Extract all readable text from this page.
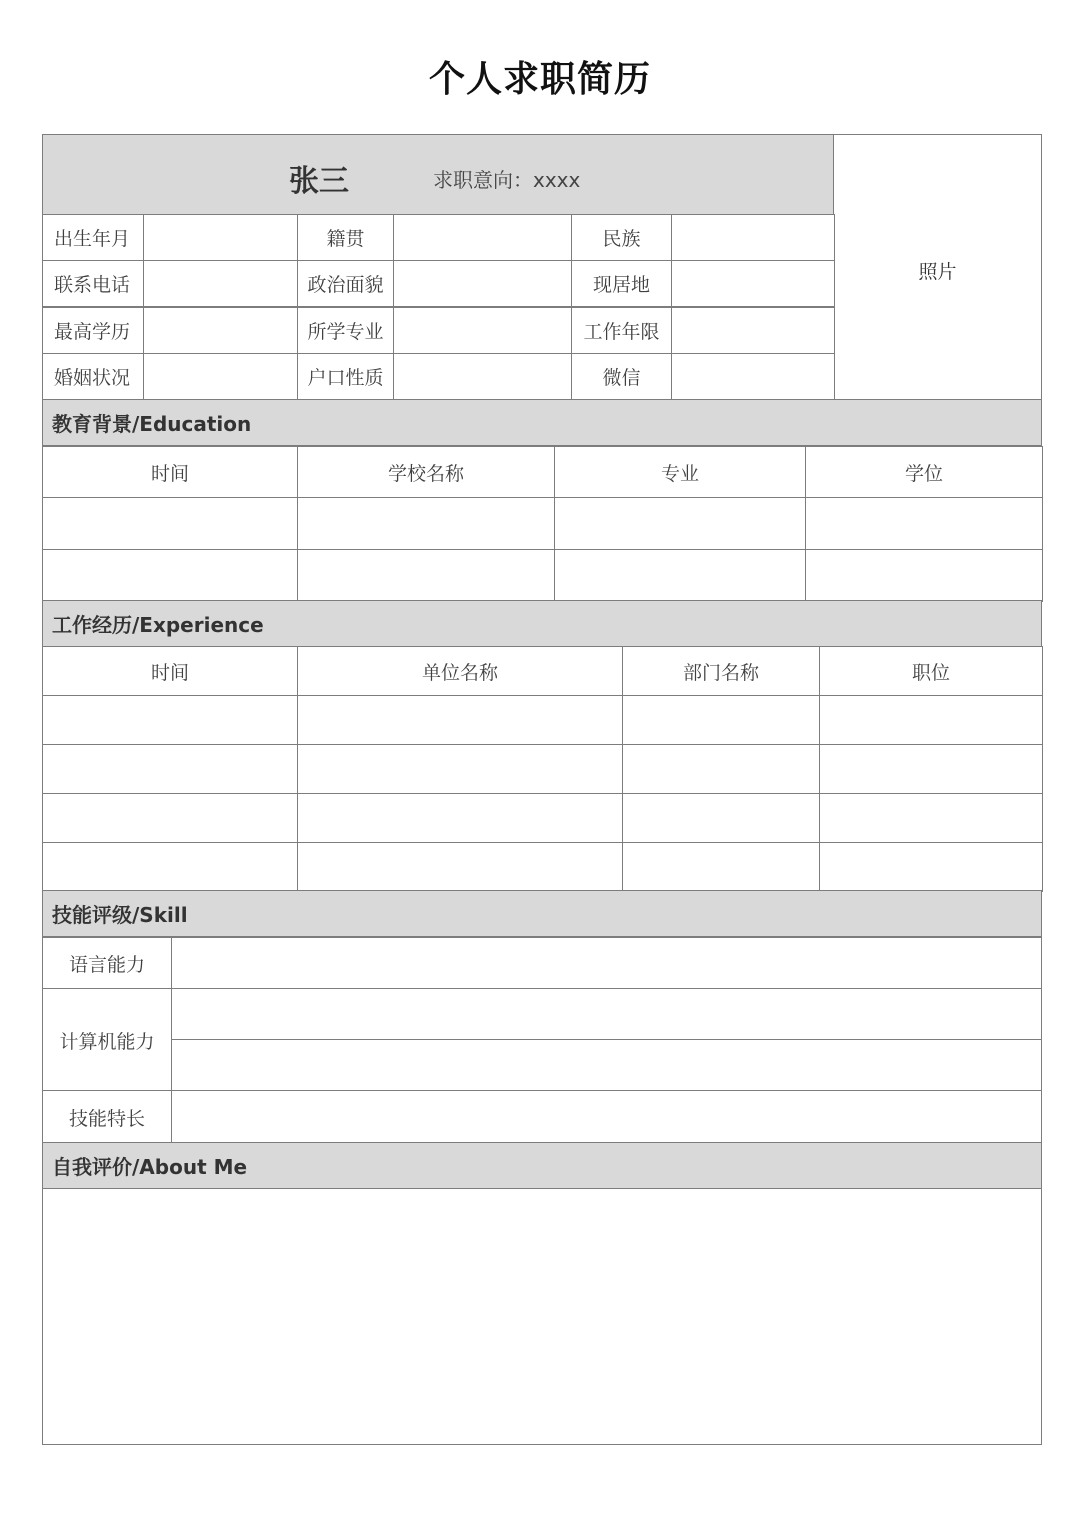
个人求职简历
张三	求职意向：xxxx
照片
出生年月	籍贯	民族
联系电话	政治面貌	现居地
最高学历	所学专业	工作年限
婚姻状况	户口性质	微信
教育背景/Education
时间	学校名称	专业	学位
工作经历/Experience
时间	单位名称	部门名称	职位
技能评级/Skill
语言能力
计算机能力
技能特长
自我评价/About Me
